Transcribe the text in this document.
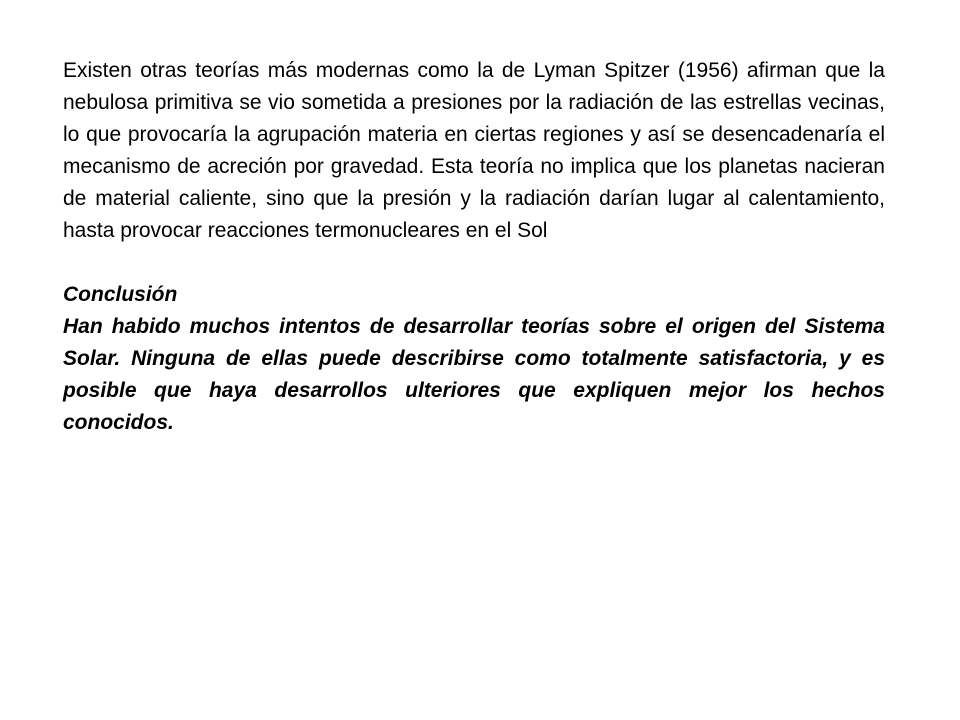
Existen otras teorías más modernas como la de Lyman Spitzer (1956) afirman que la nebulosa primitiva se vio sometida a presiones por la radiación de las estrellas vecinas, lo que provocaría la agrupación materia en ciertas regiones y así se desencadenaría el mecanismo de acreción por gravedad. Esta teoría no implica que los planetas nacieran de material caliente, sino que la presión y la radiación darían lugar al calentamiento, hasta provocar reacciones termonucleares en el Sol

Conclusión

Han habido muchos intentos de desarrollar teorías sobre el origen del Sistema Solar. Ninguna de ellas puede describirse como totalmente satisfactoria, y es posible que haya desarrollos ulteriores que expliquen mejor los hechos conocidos.
